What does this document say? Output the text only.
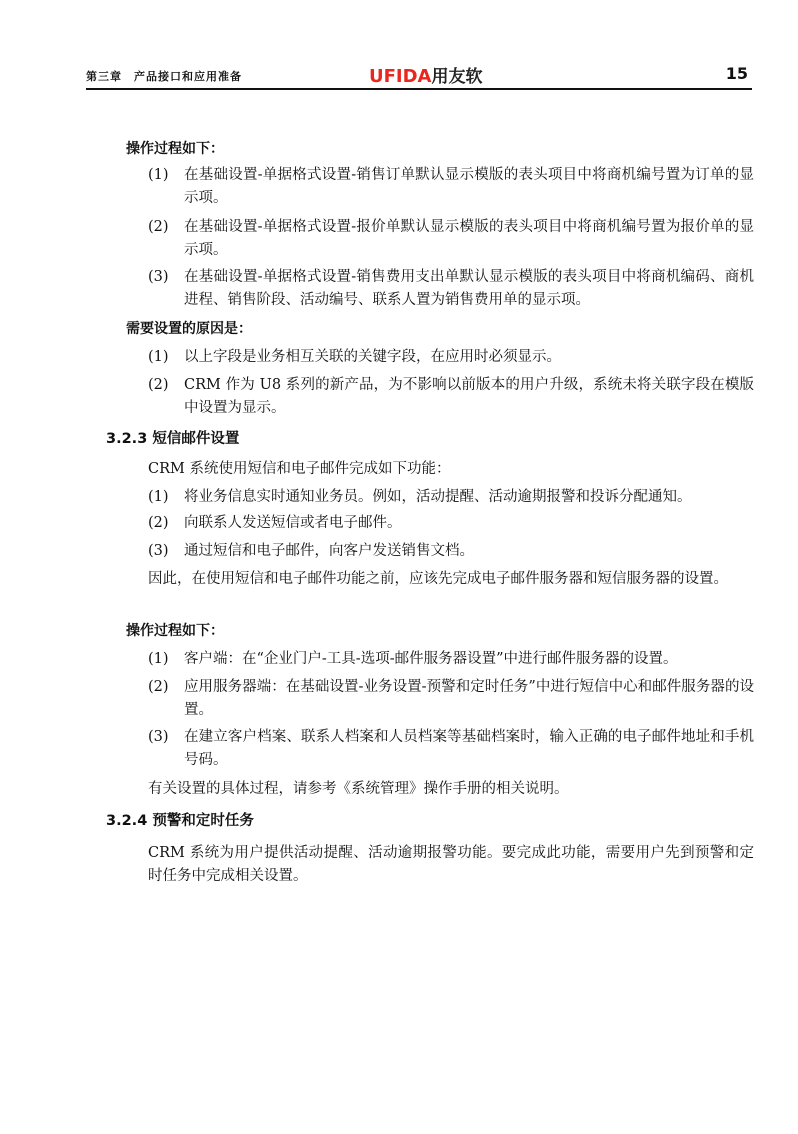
第三章　产品接口和应用准备	UFIDA用友软	15
操作过程如下：
(1) 在基础设置-单据格式设置-销售订单默认显示模版的表头项目中将商机编号置为订单的显示项。
(2) 在基础设置-单据格式设置-报价单默认显示模版的表头项目中将商机编号置为报价单的显示项。
(3) 在基础设置-单据格式设置-销售费用支出单默认显示模版的表头项目中将商机编码、商机进程、销售阶段、活动编号、联系人置为销售费用单的显示项。
需要设置的原因是：
(1) 以上字段是业务相互关联的关键字段，在应用时必须显示。
(2) CRM 作为 U8 系列的新产品，为不影响以前版本的用户升级，系统未将关联字段在模版中设置为显示。
3.2.3 短信邮件设置
CRM 系统使用短信和电子邮件完成如下功能：
(1) 将业务信息实时通知业务员。例如，活动提醒、活动逾期报警和投诉分配通知。
(2) 向联系人发送短信或者电子邮件。
(3) 通过短信和电子邮件，向客户发送销售文档。
因此，在使用短信和电子邮件功能之前，应该先完成电子邮件服务器和短信服务器的设置。
操作过程如下：
(1) 客户端：在“企业门户-工具-选项-邮件服务器设置”中进行邮件服务器的设置。
(2) 应用服务器端：在基础设置-业务设置-预警和定时任务”中进行短信中心和邮件服务器的设置。
(3) 在建立客户档案、联系人档案和人员档案等基础档案时，输入正确的电子邮件地址和手机号码。
有关设置的具体过程，请参考《系统管理》操作手册的相关说明。
3.2.4 预警和定时任务
CRM 系统为用户提供活动提醒、活动逾期报警功能。要完成此功能，需要用户先到预警和定时任务中完成相关设置。
